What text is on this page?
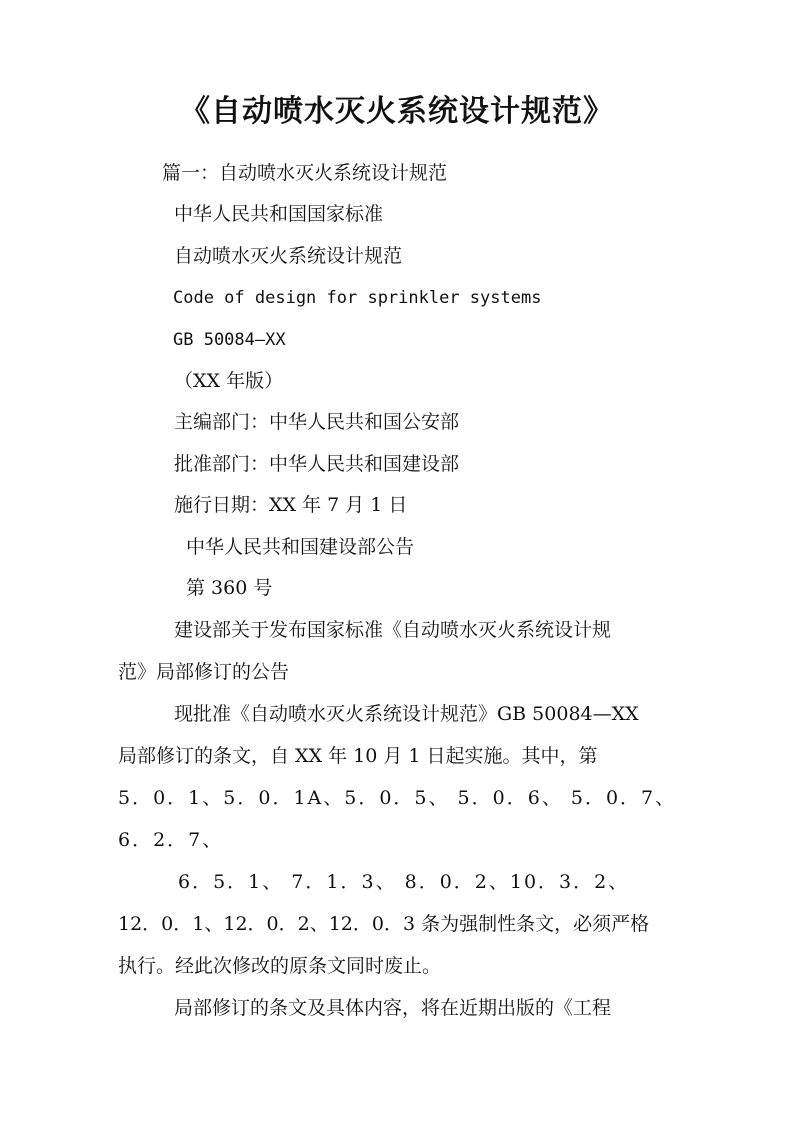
《自动喷水灭火系统设计规范》
篇一：自动喷水灭火系统设计规范
中华人民共和国国家标准
自动喷水灭火系统设计规范
Code of design for sprinkler systems
GB 50084—XX
（XX 年版）
主编部门：中华人民共和国公安部
批准部门：中华人民共和国建设部
施行日期：XX 年 7 月 1 日
中华人民共和国建设部公告
第 360 号
建设部关于发布国家标准《自动喷水灭火系统设计规
范》局部修订的公告
现批准《自动喷水灭火系统设计规范》GB 50084—XX
局部修订的条文，自 XX 年 10 月 1 日起实施。其中，第
5．0．1、5．0．1A、5．0．5、 5．0．6、 5．0．7、
6．2．7、
6．5．1、 7．1．3、 8．0．2、10．3．2、
12．0．1、12．0．2、12．0．3 条为强制性条文，必须严格
执行。经此次修改的原条文同时废止。
局部修订的条文及具体内容，将在近期出版的《工程
